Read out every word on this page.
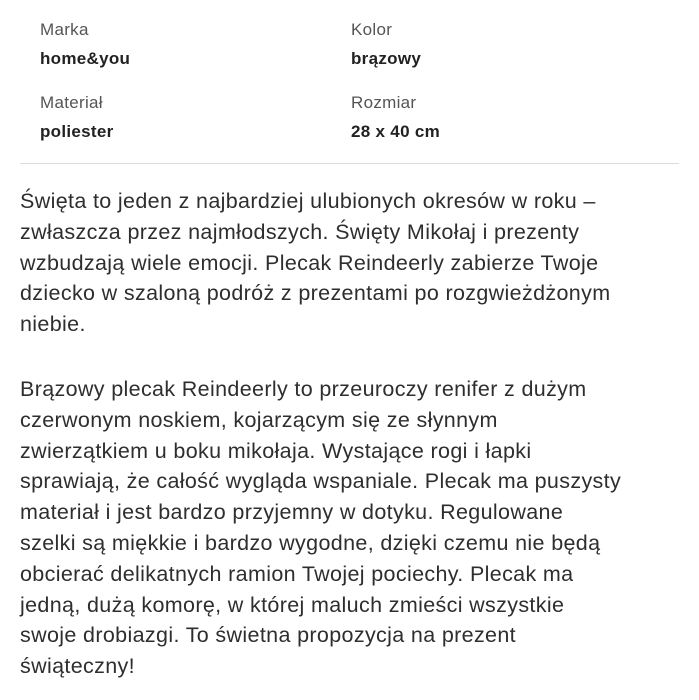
Marka
home&you
Kolor
brązowy
Materiał
poliester
Rozmiar
28 x 40 cm

Święta to jeden z najbardziej ulubionych okresów w roku –
zwłaszcza przez najmłodszych. Święty Mikołaj i prezenty
wzbudzają wiele emocji. Plecak Reindeerly zabierze Twoje
dziecko w szaloną podróż z prezentami po rozgwieżdżonym
niebie.

Brązowy plecak Reindeerly to przeuroczy renifer z dużym
czerwonym noskiem, kojarzącym się ze słynnym
zwierzątkiem u boku mikołaja. Wystające rogi i łapki
sprawiają, że całość wygląda wspaniale. Plecak ma puszysty
materiał i jest bardzo przyjemny w dotyku. Regulowane
szelki są miękkie i bardzo wygodne, dzięki czemu nie będą
obcierać delikatnych ramion Twojej pociechy. Plecak ma
jedną, dużą komorę, w której maluch zmieści wszystkie
swoje drobiazgi. To świetna propozycja na prezent
świąteczny!
